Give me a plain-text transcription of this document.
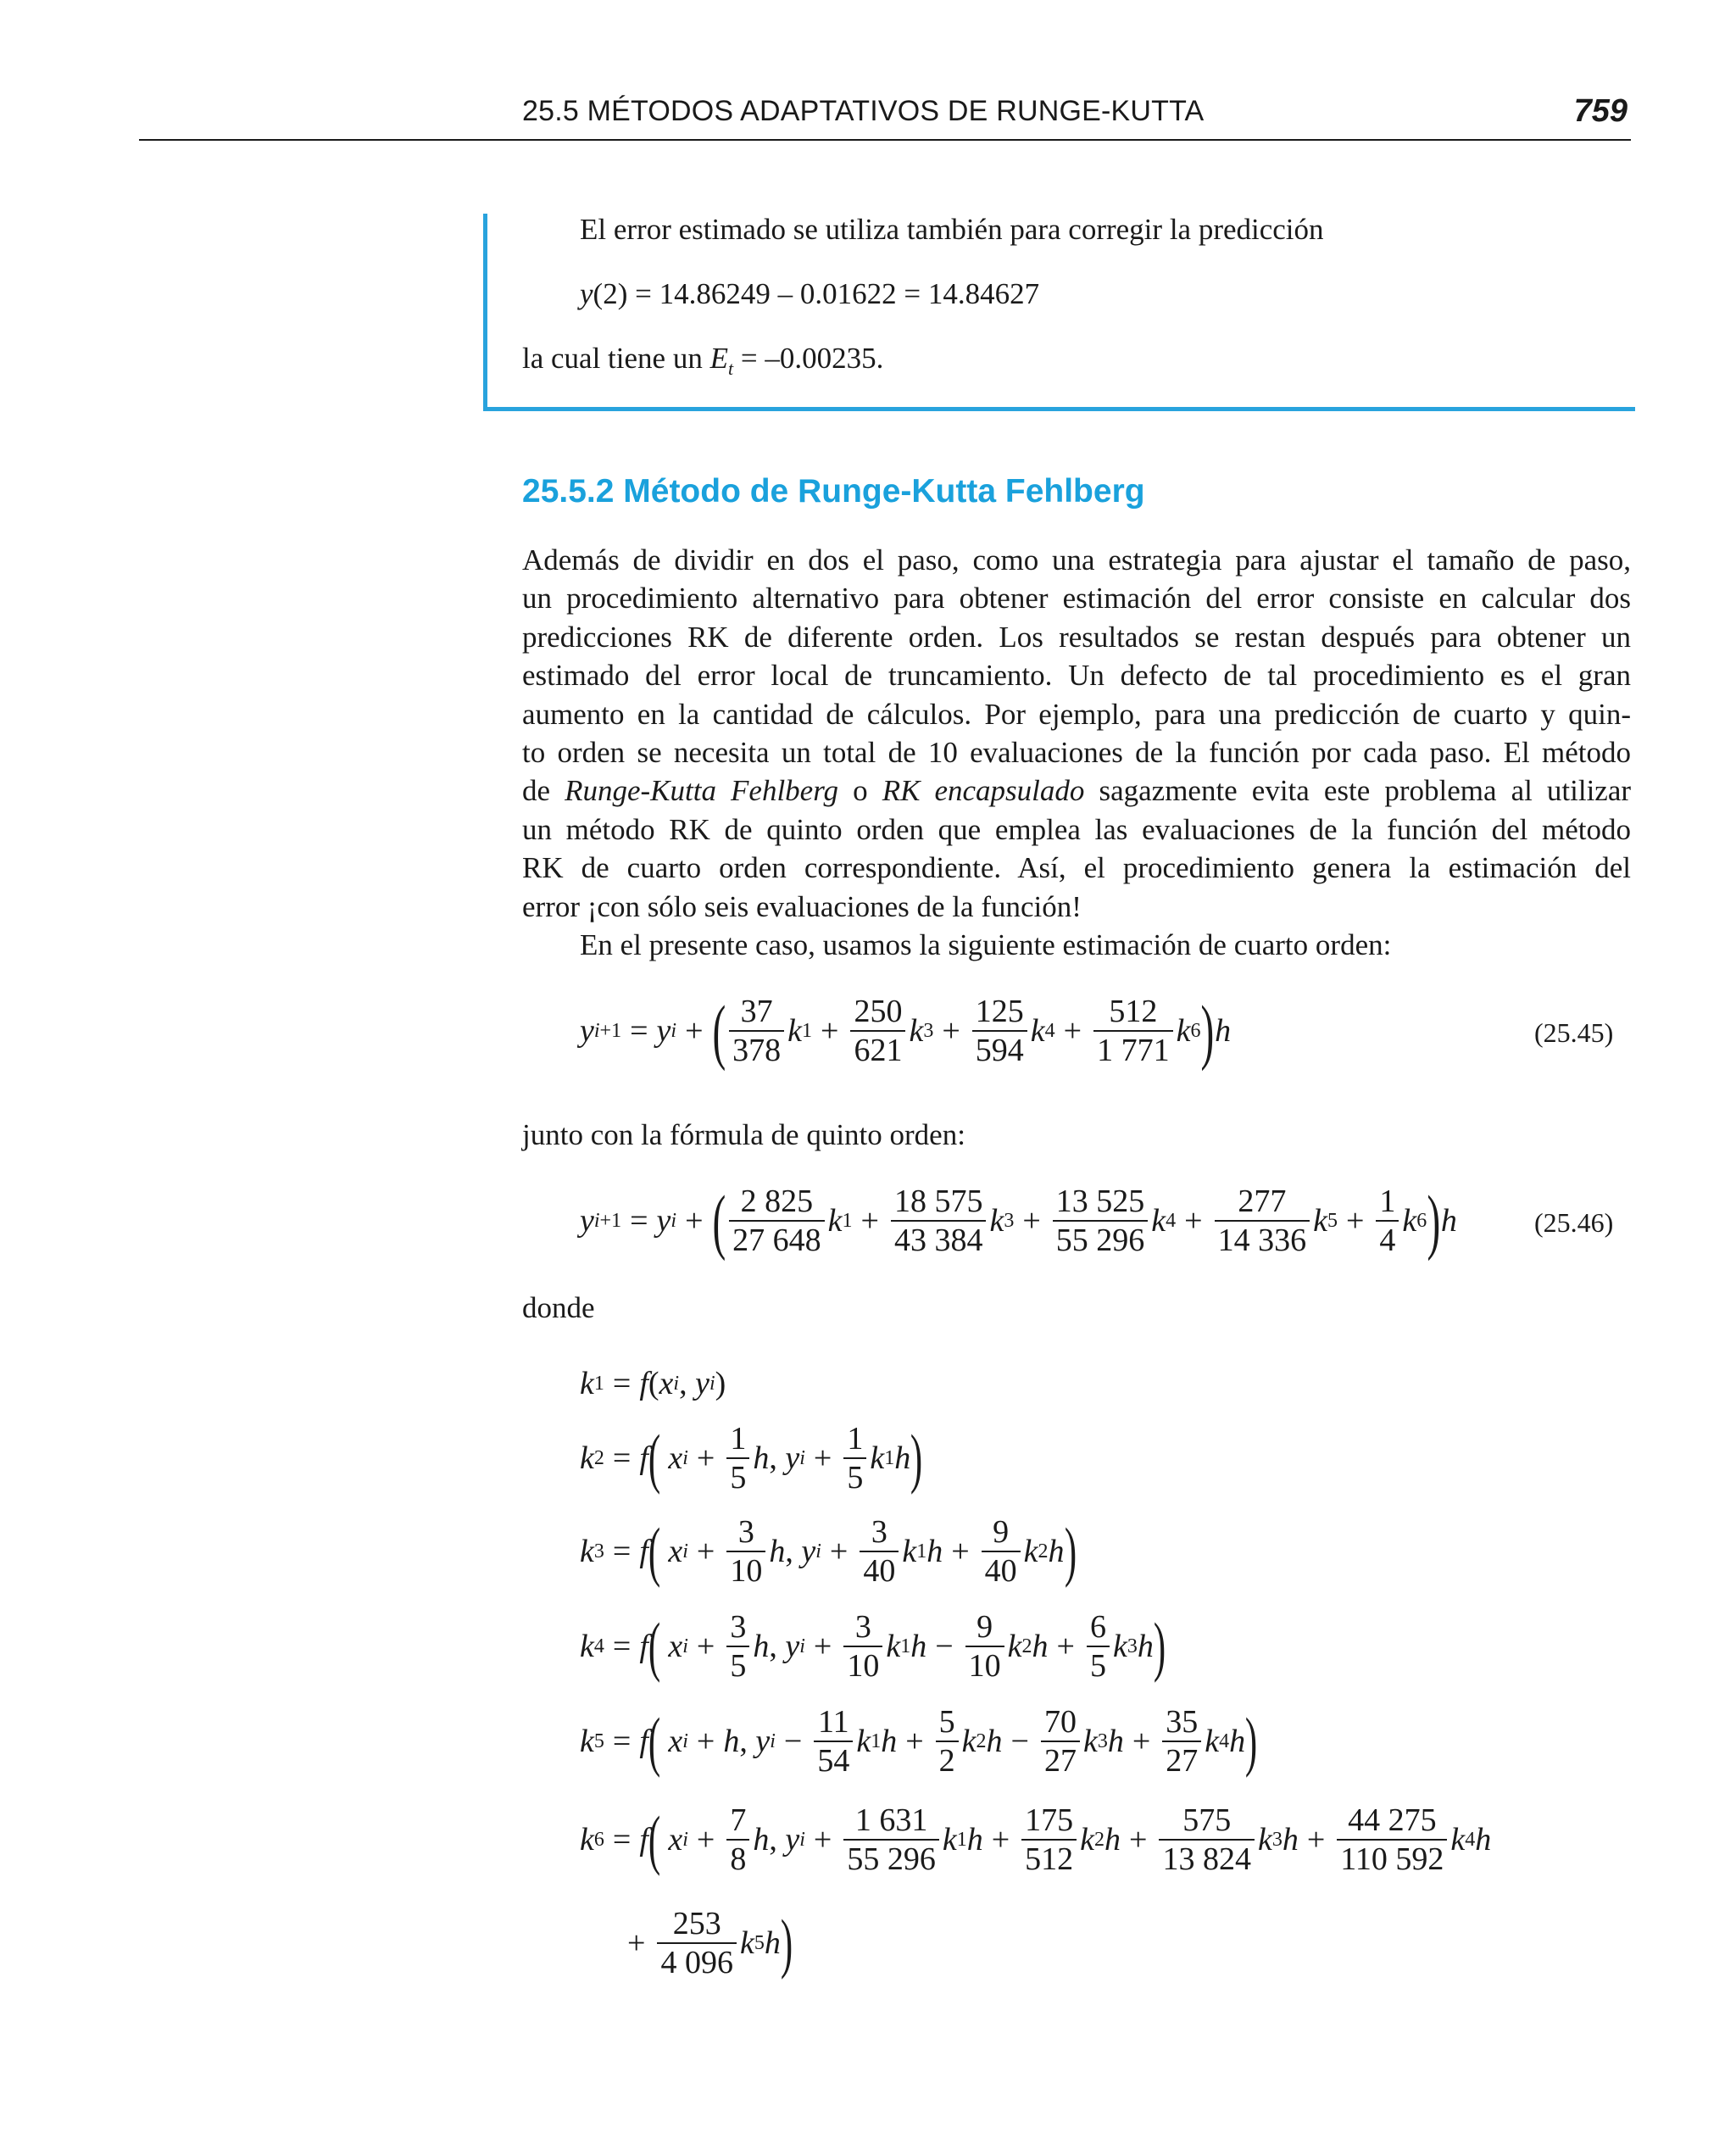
25.5 MÉTODOS ADAPTATIVOS DE RUNGE-KUTTA	759
El error estimado se utiliza también para corregir la predicción
y(2) = 14.86249 – 0.01622 = 14.84627
la cual tiene un $E_t = -0.00235$.
25.5.2 Método de Runge-Kutta Fehlberg
Además de dividir en dos el paso, como una estrategia para ajustar el tamaño de paso,
un procedimiento alternativo para obtener estimación del error consiste en calcular dos
predicciones RK de diferente orden. Los resultados se restan después para obtener un
estimado del error local de truncamiento. Un defecto de tal procedimiento es el gran
aumento en la cantidad de cálculos. Por ejemplo, para una predicción de cuarto y quin-
to orden se necesita un total de 10 evaluaciones de la función por cada paso. El método
de Runge-Kutta Fehlberg o RK encapsulado sagazmente evita este problema al utilizar
un método RK de quinto orden que emplea las evaluaciones de la función del método
RK de cuarto orden correspondiente. Así, el procedimiento genera la estimación del
error ¡con sólo seis evaluaciones de la función!
En el presente caso, usamos la siguiente estimación de cuarto orden:
y i+1 = y i + ( $\frac{37}{378}$ k $1 + \frac{250}{621}$ k $3 + \frac{125}{594}$ k $4 + \frac{512}{1 771}$ k 6 ) h	(25.45)
junto con la fórmula de quinto orden:
y i+1 = y i + ( $\frac{2 825}{27 648}$ k $1 + \frac{18 575}{43 384}$ k $3 + \frac{13 525}{55 296}$ k $4 + \frac{277}{14 336}$ k $5 + \frac{1}{4}$ k 6 ) h	(25.46)
donde
k 1 = f ( x i , y i )
k 2 = f (
x $i + \frac{1}{5}$ h , y $i + \frac{1}{5}$ k 1 h )
k 3 = f (
x $i + \frac{3}{10}$ h , y $i + \frac{3}{40}$ k 1 $h + \frac{9}{40}$ k 2 h )
k 4 = f (
x $i + \frac{3}{5}$ h , y $i + \frac{3}{10}$ k 1 $h - \frac{9}{10}$ k 2 $h + \frac{6}{5}$ k 3 h )
k 5 = f (
x i + h , y $i - \frac{11}{54}$ k 1 $h + \frac{5}{2}$ k 2 $h - \frac{70}{27}$ k 3 $h + \frac{35}{27}$ k 4 h )
k 6 = f (
x $i + \frac{7}{8}$ h , y $i + \frac{1 631}{55 296}$ k 1 $h + \frac{175}{512}$ k 2 $h + \frac{575}{13 824}$ k 3 $h + \frac{44 275}{110 592}$ k 4 h
+ $\frac{253}{4 096}$ k 5 h )
